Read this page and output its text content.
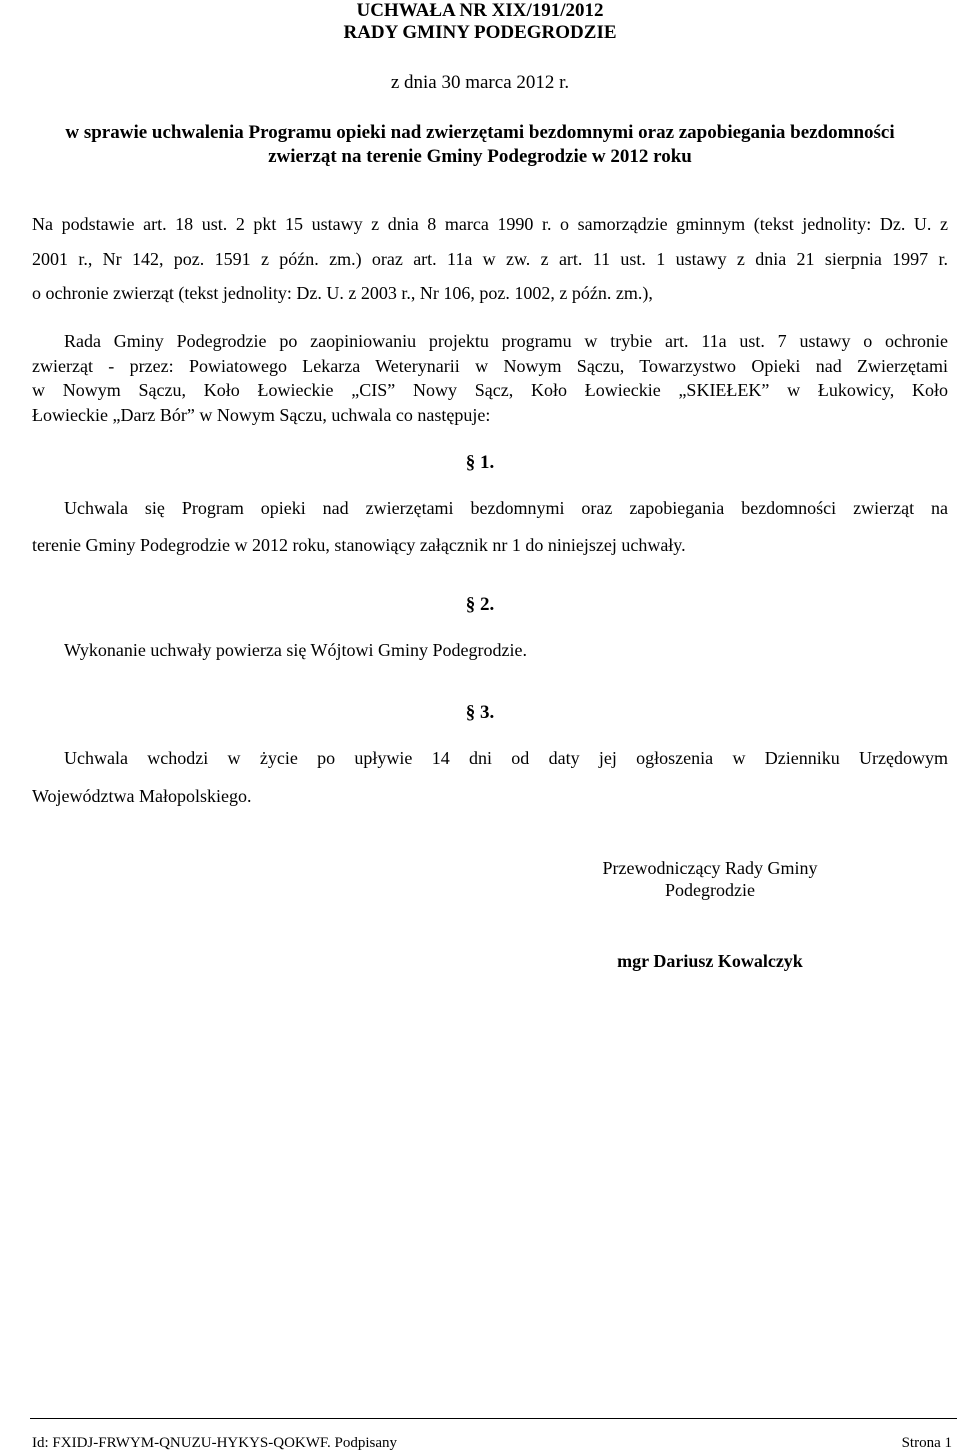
UCHWAŁA NR XIX/191/2012
RADY GMINY PODEGRODZIE
z dnia 30 marca 2012 r.
w sprawie uchwalenia Programu opieki nad zwierzętami bezdomnymi oraz zapobiegania bezdomności
zwierząt na terenie Gminy Podegrodzie w 2012 roku
Na podstawie art. 18 ust. 2 pkt 15 ustawy z dnia 8 marca 1990 r. o samorządzie gminnym (tekst jednolity: Dz. U. z
2001 r., Nr 142, poz. 1591 z późn. zm.) oraz art. 11a w zw. z art. 11 ust. 1 ustawy z dnia 21 sierpnia 1997 r.
o ochronie zwierząt (tekst jednolity: Dz. U. z 2003 r., Nr 106, poz. 1002, z późn. zm.),
Rada Gminy Podegrodzie po zaopiniowaniu projektu programu w trybie art. 11a ust. 7 ustawy o ochronie
zwierząt - przez: Powiatowego Lekarza Weterynarii w Nowym Sączu, Towarzystwo Opieki nad Zwierzętami
w Nowym Sączu, Koło Łowieckie „CIS” Nowy Sącz, Koło Łowieckie „SKIEŁEK” w Łukowicy, Koło
Łowieckie „Darz Bór” w Nowym Sączu, uchwala co następuje:
§ 1.
Uchwala się Program opieki nad zwierzętami bezdomnymi oraz zapobiegania bezdomności zwierząt na
terenie Gminy Podegrodzie w 2012 roku, stanowiący załącznik nr 1 do niniejszej uchwały.
§ 2.
Wykonanie uchwały powierza się Wójtowi Gminy Podegrodzie.
§ 3.
Uchwala wchodzi w życie po upływie 14 dni od daty jej ogłoszenia w Dzienniku Urzędowym
Województwa Małopolskiego.
Przewodniczący Rady Gminy
Podegrodzie
mgr Dariusz Kowalczyk
Id: FXIDJ-FRWYM-QNUZU-HYKYS-QOKWF. Podpisany	Strona 1
